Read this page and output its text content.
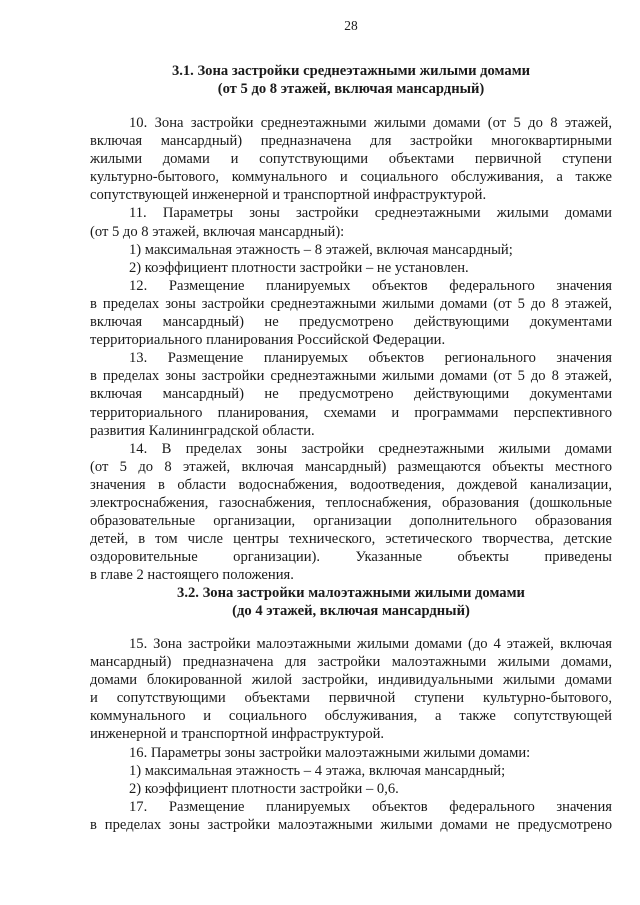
28
3.1. Зона застройки среднеэтажными жилыми домами
(от 5 до 8 этажей, включая мансардный)
10. Зона застройки среднеэтажными жилыми домами (от 5 до 8 этажей,
включая мансардный) предназначена для застройки многоквартирными
жилыми домами и сопутствующими объектами первичной ступени
культурно-бытового, коммунального и социального обслуживания, а также
сопутствующей инженерной и транспортной инфраструктурой.
11. Параметры зоны застройки среднеэтажными жилыми домами
(от 5 до 8 этажей, включая мансардный):
1) максимальная этажность – 8 этажей, включая мансардный;
2) коэффициент плотности застройки – не установлен.
12. Размещение планируемых объектов федерального значения
в пределах зоны застройки среднеэтажными жилыми домами (от 5 до 8 этажей,
включая мансардный) не предусмотрено действующими документами
территориального планирования Российской Федерации.
13. Размещение планируемых объектов регионального значения
в пределах зоны застройки среднеэтажными жилыми домами (от 5 до 8 этажей,
включая мансардный) не предусмотрено действующими документами
территориального планирования, схемами и программами перспективного
развития Калининградской области.
14. В пределах зоны застройки среднеэтажными жилыми домами
(от 5 до 8 этажей, включая мансардный) размещаются объекты местного
значения в области водоснабжения, водоотведения, дождевой канализации,
электроснабжения, газоснабжения, теплоснабжения, образования (дошкольные
образовательные организации, организации дополнительного образования
детей, в том числе центры технического, эстетического творчества, детские
оздоровительные организации). Указанные объекты приведены
в главе 2 настоящего положения.
3.2. Зона застройки малоэтажными жилыми домами
(до 4 этажей, включая мансардный)
15. Зона застройки малоэтажными жилыми домами (до 4 этажей, включая
мансардный) предназначена для застройки малоэтажными жилыми домами,
домами блокированной жилой застройки, индивидуальными жилыми домами
и сопутствующими объектами первичной ступени культурно-бытового,
коммунального и социального обслуживания, а также сопутствующей
инженерной и транспортной инфраструктурой.
16. Параметры зоны застройки малоэтажными жилыми домами:
1) максимальная этажность – 4 этажа, включая мансардный;
2) коэффициент плотности застройки – 0,6.
17. Размещение планируемых объектов федерального значения
в пределах зоны застройки малоэтажными жилыми домами не предусмотрено
